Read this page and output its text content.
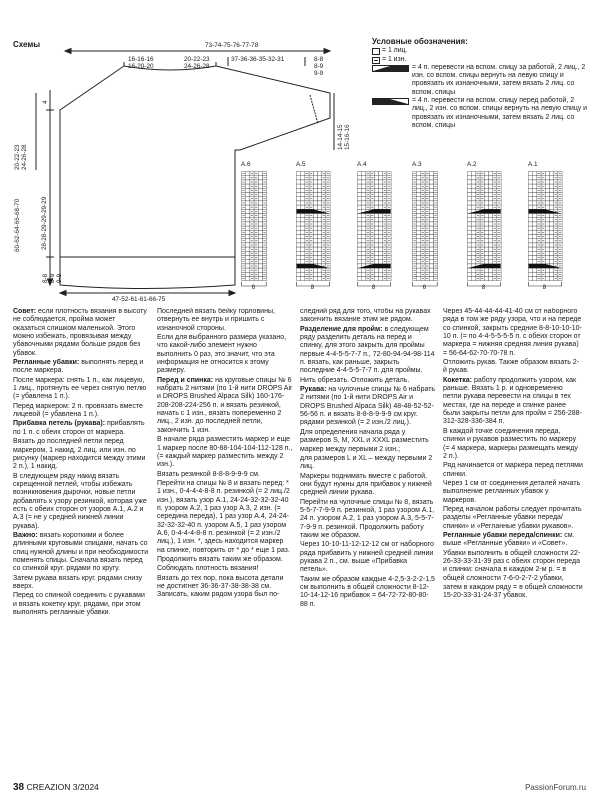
Схемы	73-74-75-76-77-78
16-16-16
16-20-20
20-22-23
24-26-28
37-36-36-35-32-31	8-8
8-9
9-9
4
20-22-23
24-26-28
60-62-64-66-68-70	28-28-29-29-29-29
8-8
8-9
9-9
14-14-15
15-16-16
47-52-61-61-66-75
Условные обозначения:
= 1 лиц.
= 1 изн.
= 4 п. перевести на вспом. спицу за работой, 2 лиц., 2 изн. со вспом. спицы вернуть на левую спицу и провязать их изнаночными, затем вязать 2 лиц. со вспом. спицы
= 4 п. перевести на вспом. спицу перед работой, 2 лиц., 2 изн. со вспом. спицы вернуть на левую спицу и провязать их изнаночными, затем вязать 2 лиц. со вспом. спицы
A.6
6
A.5
8
A.4
8
A.3
6
A.2
8
A.1
8

Совет: если плотность вязания в высоту не соблюдается, пройма может оказаться слишком маленькой. Этого можно избежать, провязывая между убавочными рядами больше рядов без убавок.

Регланные убавки: выполнять перед и после маркера.

После маркера: снять 1 п., как лицевую, 1 лиц., протянуть ее через снятую петлю (= убавлена 1 п.).

Перед маркером: 2 п. провязать вместе лицевой (= убавлена 1 п.).

Прибавка петель (рукава): прибавлять по 1 п. с обеих сторон от маркера.

Вязать до последней петли перед маркером, 1 накид, 2 лиц. или изн. по рисунку (маркер находится между этими 2 п.), 1 накид.

В следующем ряду накид вязать скрещенной петлей, чтобы избежать возникновения дырочки, новые петли добавлять к узору резинкой, которая уже есть с обеих сторон от узоров А.1, А.2 и А.3 (= не у средней нижней линии рукава).

Важно: вязать короткими и более длинными круговыми спицами, начать со спиц нужной длины и при необходимости поменять спицы. Сначала вязать перед со спинкой круг. рядами по кругу.

Затем рукава вязать круг. рядами снизу вверх.

Перед со спинкой соединить с рукавами и вязать кокетку круг. рядами, при этом выполнять регланные убавки.

Последней вязать бейку горловины, отвернуть ее внутрь и пришить с изнаночной стороны.

Если для выбранного размера указано, что какой-либо элемент нужно выполнить 0 раз, это значит, что эта информация не относится к этому размеру.

Перед и спинка: на круговые спицы № 6 набрать 2 нитями (по 1-й нити DROPS Air и DROPS Brushed Alpaca Silk) 160-176-208-208-224-256 п. и вязать резинкой, начать с 1 изн., вязать попеременно 2 лиц., 2 изн. до последней петли, закончить 1 изн.

В начале ряда разместить маркер и еще 1 маркер после 80-88-104-104-112-128 п., (= каждый маркер разместить между 2 изн.).

Вязать резинкой 8-8-8-9-9-9 см.

Перейти на спицы № 8 и вязать перед: * 1 изн., 0-4-4-4-8-8 п. резинкой (= 2 лиц./2 изн.), вязать узор А.1, 24-24-32-32-32-40 п. узором А.2, 1 раз узор А.3, 2 изн. (= середина переда), 1 раз узор А.4, 24-24-32-32-32-40 п. узором А.5, 1 раз узором А.6, 0-4-4-4-8-8 п. резинкой (= 2 изн./2 лиц.), 1 изн. *, здесь находится маркер на спинке, повторить от * до * еще 1 раз.

Продолжить вязать таким же образом.

Соблюдать плотность вязания!

Вязать до тех пор, пока высота детали не достигнет 36-36-37-38-38-38 см. Записать, каким рядом узора был по-

следний ряд для того, чтобы на рукавах закончить вязание этим же рядом.

Разделение для пройм: в следующем ряду разделить деталь на перед и спинку, для этого закрыть для проймы первые 4-4-5-5-7-7 п., 72-80-94-94-98-114 п. вязать, как раньше, закрыть последние 4-4-5-5-7-7 п. для проймы.

Нить обрезать. Отложить деталь.

Рукава: на чулочные спицы № 6 набрать 2 нитями (по 1-й нити DROPS Air и DROPS Brushed Alpaca Silk) 48-48-52-52-56-56 п. и вязать 8-8-8-9-9-9 см круг. рядами резинкой (= 2 изн./2 лиц.).

Для определения начала ряда у размеров S, M, XXL и XXXL разместить маркер между первыми 2 изн.;

для размеров L и XL – между первыми 2 лиц.

Маркеры поднимать вместе с работой, они будут нужны для прибавок у нижней средней линии рукава.

Перейти на чулочные спицы № 8, вязать 5-5-7-7-9-9 п. резинкой, 1 раз узором А.1, 24 п. узором А.2, 1 раз узором А.3, 5-5-7-7-9-9 п. резинкой. Продолжить работу таким же образом.

Через 10-10-11-12-12-12 см от наборного ряда прибавить у нижней средней линии рукава 2 п., см. выше «Прибавка петель».

Таким же образом каждые 4-2,5-3-2-2-1,5 см выполнить в общей сложности 8-12-10-14-12-16 прибавок = 64-72-72-80-80-88 п.

Через 45-44-44-44-41-40 см от наборного ряда в том же ряду узора, что и на переде со спинкой, закрыть средние 8-8-10-10-10-10 п. (= по 4-4-5-5-5-5 п. с обеих сторон от маркера = нижняя средняя линия рукава) = 56-64-62-70-70-78 п.

Отложить рукав. Также образом вязать 2-й рукав.

Кокетка: работу продолжить узором, как раньше. Вязать 1 р. и одновременно петли рукава перевести на спицы в тех местах, где на переде и спинке ранее были закрыты петли для пройм = 256-288-312-328-336-384 п.

В каждой точке соединения переда, спинки и рукавов разместить по маркеру (= 4 маркера, маркеры размещать между 2 п.).

Ряд начинается от маркера перед петлями спинки.

Через 1 см от соединения деталей начать выполнение регланных убавок у маркеров.

Перед началом работы следует прочитать разделы «Регланные убавки переда/спинки» и «Регланные убавки рукавов».

Регланные убавки переда/спинки: см. выше «Регланные убавки» и «Совет».

Убавки выполнить в общей сложности 22-26-33-33-31-39 раз с обеих сторон переда и спинки: сначала в каждом 2-м р. = в общей сложности 7-6-0-2-7-2 убавки,

затем в каждом ряду = в общей сложности 15-20-33-31-24-37 убавок.

38 CREAZION 3/2024	PassionForum.ru
